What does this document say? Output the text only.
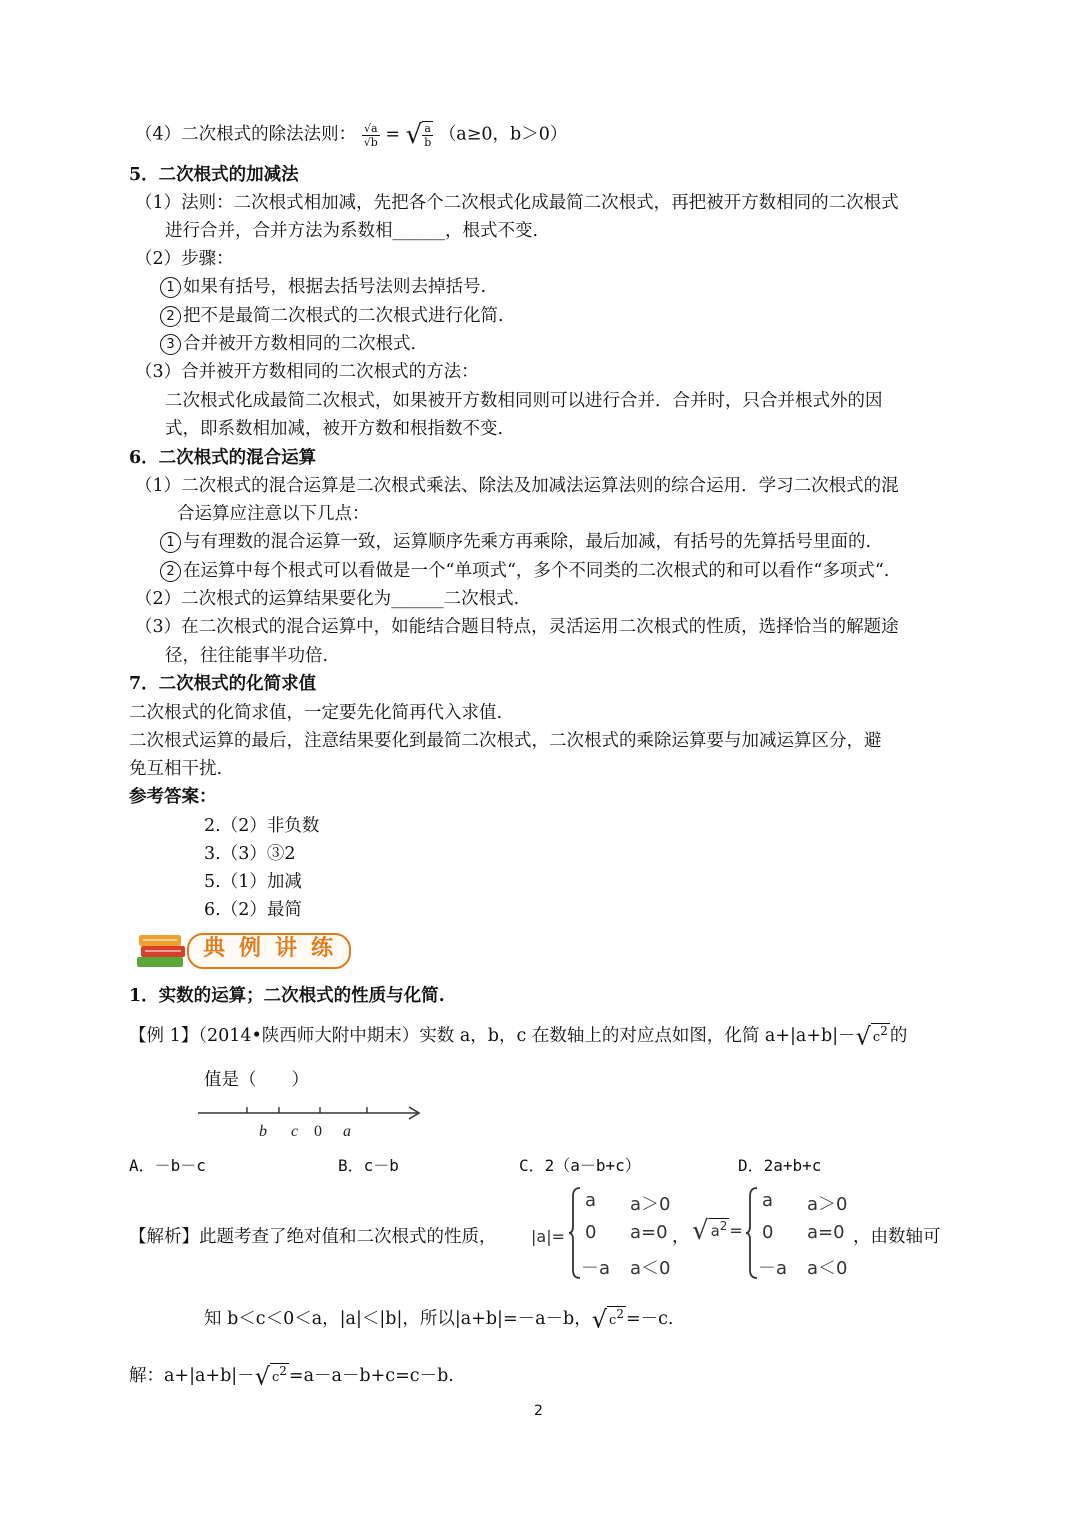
（4）二次根式的除法法则： $\frac{√a}{√b}$ = √ $\frac{a}{b} (a\ge 0$，b＞0）
5．二次根式的加减法
（1）法则：二次根式相加减，先把各个二次根式化成最简二次根式，再把被开方数相同的二次根式
进行合并，合并方法为系数相______，根式不变.
（2）步骤：
1 如果有括号，根据去括号法则去掉括号.
2 把不是最简二次根式的二次根式进行化简.
3 合并被开方数相同的二次根式.
（3）合并被开方数相同的二次根式的方法：
二次根式化成最简二次根式，如果被开方数相同则可以进行合并．合并时，只合并根式外的因
式，即系数相加减，被开方数和根指数不变.
6．二次根式的混合运算
（1）二次根式的混合运算是二次根式乘法、除法及加减法运算法则的综合运用．学习二次根式的混
合运算应注意以下几点：
1 与有理数的混合运算一致，运算顺序先乘方再乘除，最后加减，有括号的先算括号里面的.
2 在运算中每个根式可以看做是一个“单项式“，多个不同类的二次根式的和可以看作“多项式“.
（2）二次根式的运算结果要化为______二次根式.
（3）在二次根式的混合运算中，如能结合题目特点，灵活运用二次根式的性质，选择恰当的解题途
径，往往能事半功倍.
7．二次根式的化简求值
二次根式的化简求值，一定要先化简再代入求值.
二次根式运算的最后，注意结果要化到最简二次根式，二次根式的乘除运算要与加减运算区分，避
免互相干扰.
参考答案：
2.（2）非负数
3.（3）③2
5.（1）加减
6.（2）最简
典例讲练
1．实数的运算；二次根式的性质与化简.
【例 1】（2014•陕西师大附中期末）实数 a，b，c 在数轴上的对应点如图，化简 a+|a+b|－√ c2 的
值是（　　）
b c 0 a
A．－b－c	B．c－b	C．2（a－b+c）	D．2a+b+c
【解析】此题考查了绝对值和二次根式的性质， |a|=
a a＞0
0 a=0
－a a＜0
， √ $a^2$ =
a a＞0
0 a=0
－a a＜0
，由数轴可
知 b＜c＜0＜a，|a|＜|b|，所以|a+b|=－a－b，√ c2 =－c.
解：a+|a+b|－√ c2 =a－a－b+c=c－b.
2
